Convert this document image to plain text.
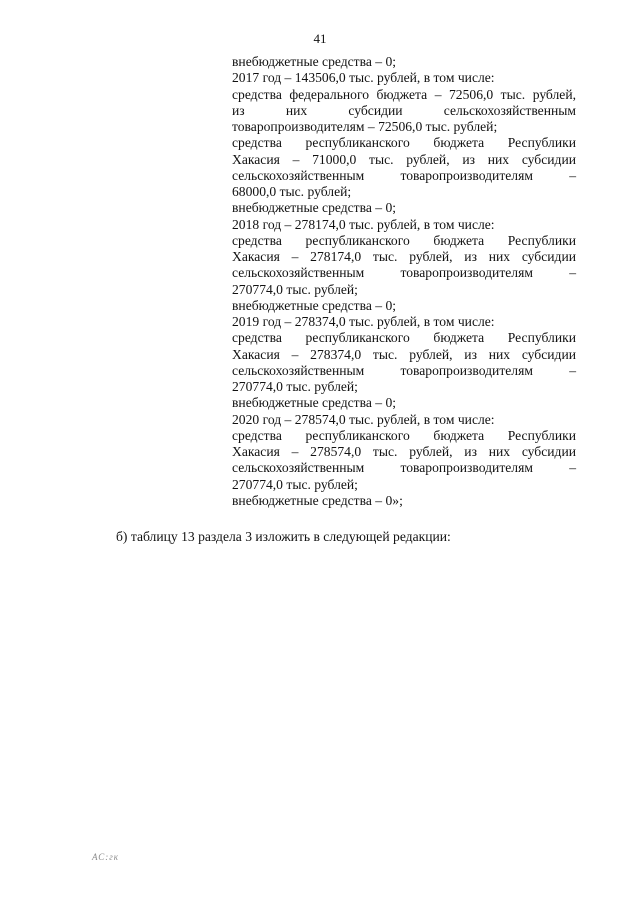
41
внебюджетные средства – 0;
2017 год – 143506,0 тыс. рублей, в том числе:
средства федерального бюджета – 72506,0 тыс. рублей,
из них субсидии сельскохозяйственным
товаропроизводителям – 72506,0 тыс. рублей;
средства республиканского бюджета Республики
Хакасия – 71000,0 тыс. рублей, из них субсидии
сельскохозяйственным товаропроизводителям –
68000,0 тыс. рублей;
внебюджетные средства – 0;
2018 год – 278174,0 тыс. рублей, в том числе:
средства республиканского бюджета Республики
Хакасия – 278174,0 тыс. рублей, из них субсидии
сельскохозяйственным товаропроизводителям –
270774,0 тыс. рублей;
внебюджетные средства – 0;
2019 год – 278374,0 тыс. рублей, в том числе:
средства республиканского бюджета Республики
Хакасия – 278374,0 тыс. рублей, из них субсидии
сельскохозяйственным товаропроизводителям –
270774,0 тыс. рублей;
внебюджетные средства – 0;
2020 год – 278574,0 тыс. рублей, в том числе:
средства республиканского бюджета Республики
Хакасия – 278574,0 тыс. рублей, из них субсидии
сельскохозяйственным товаропроизводителям –
270774,0 тыс. рублей;
внебюджетные средства – 0»;
б) таблицу 13 раздела 3 изложить в следующей редакции:
АС:гк
